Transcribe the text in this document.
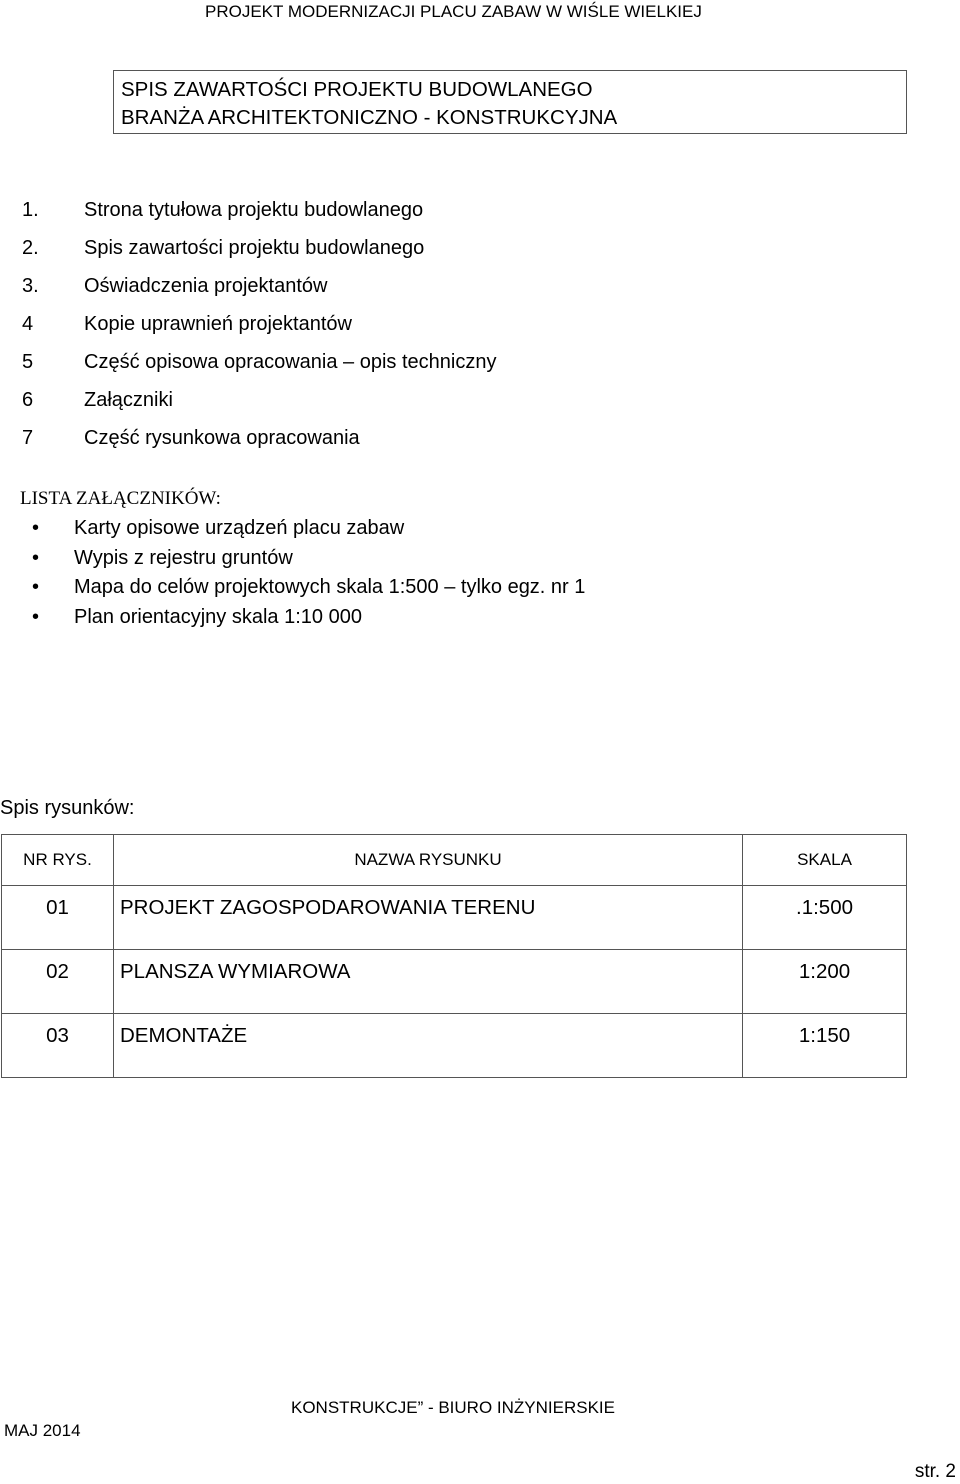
PROJEKT MODERNIZACJI PLACU ZABAW W WIŚLE WIELKIEJ
SPIS ZAWARTOŚCI PROJEKTU BUDOWLANEGO
BRANŻA ARCHITEKTONICZNO - KONSTRUKCYJNA
1. Strona tytułowa projektu budowlanego
2. Spis zawartości projektu budowlanego
3. Oświadczenia projektantów
4	Kopie uprawnień projektantów
5	Część opisowa opracowania – opis techniczny
6	Załączniki
7	Część rysunkowa opracowania
LISTA ZAŁĄCZNIKÓW:
• Karty opisowe urządzeń placu zabaw
• Wypis z rejestru gruntów
• Mapa do celów projektowych skala 1:500 – tylko egz. nr 1
• Plan orientacyjny skala 1:10 000
Spis rysunków:
NR RYS.	NAZWA RYSUNKU	SKALA
01	PROJEKT ZAGOSPODAROWANIA TERENU	.1:500
02	PLANSZA WYMIAROWA	1:200
03	DEMONTAŻE	1:150
KONSTRUKCJE” - BIURO INŻYNIERSKIE
MAJ 2014
str. 2
